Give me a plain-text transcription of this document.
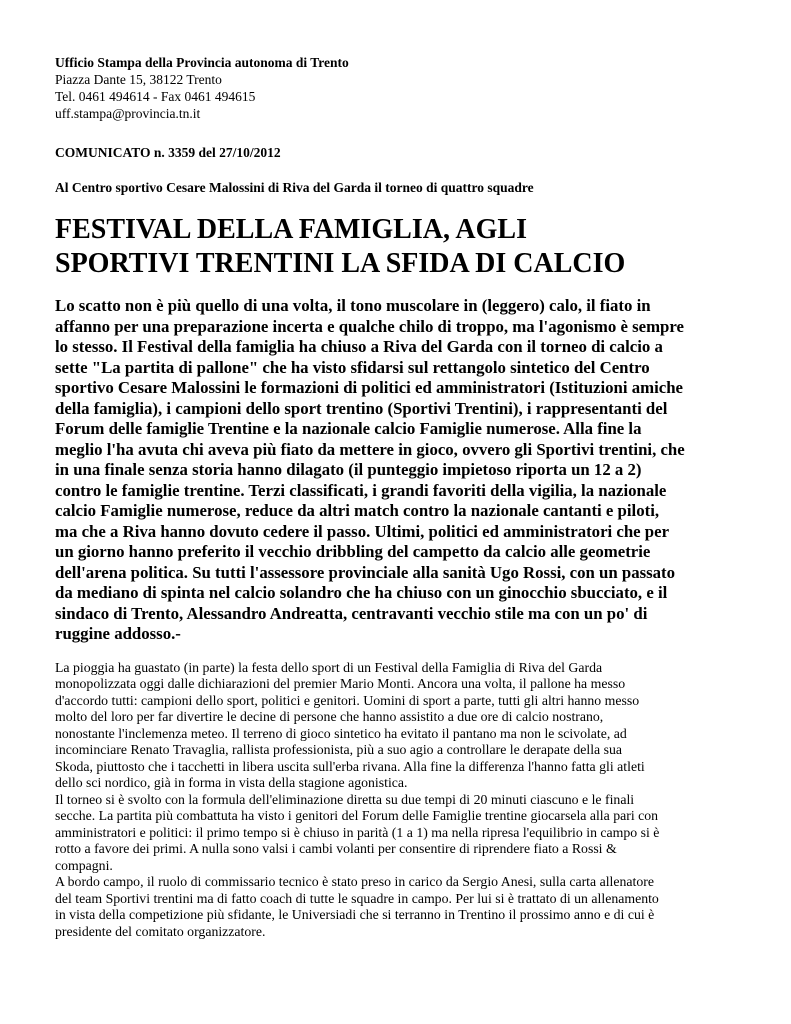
Ufficio Stampa della Provincia autonoma di Trento
Piazza Dante 15, 38122 Trento
Tel. 0461 494614 - Fax 0461 494615
uff.stampa@provincia.tn.it
COMUNICATO n. 3359 del 27/10/2012
Al Centro sportivo Cesare Malossini di Riva del Garda il torneo di quattro squadre
FESTIVAL DELLA FAMIGLIA, AGLI
SPORTIVI TRENTINI LA SFIDA DI CALCIO
Lo scatto non è più quello di una volta, il tono muscolare in (leggero) calo, il fiato in
affanno per una preparazione incerta e qualche chilo di troppo, ma l'agonismo è sempre
lo stesso. Il Festival della famiglia ha chiuso a Riva del Garda con il torneo di calcio a
sette "La partita di pallone" che ha visto sfidarsi sul rettangolo sintetico del Centro
sportivo Cesare Malossini le formazioni di politici ed amministratori (Istituzioni amiche
della famiglia), i campioni dello sport trentino (Sportivi Trentini), i rappresentanti del
Forum delle famiglie Trentine e la nazionale calcio Famiglie numerose. Alla fine la
meglio l'ha avuta chi aveva più fiato da mettere in gioco, ovvero gli Sportivi trentini, che
in una finale senza storia hanno dilagato (il punteggio impietoso riporta un 12 a 2)
contro le famiglie trentine. Terzi classificati, i grandi favoriti della vigilia, la nazionale
calcio Famiglie numerose, reduce da altri match contro la nazionale cantanti e piloti,
ma che a Riva hanno dovuto cedere il passo. Ultimi, politici ed amministratori che per
un giorno hanno preferito il vecchio dribbling del campetto da calcio alle geometrie
dell'arena politica. Su tutti l'assessore provinciale alla sanità Ugo Rossi, con un passato
da mediano di spinta nel calcio solandro che ha chiuso con un ginocchio sbucciato, e il
sindaco di Trento, Alessandro Andreatta, centravanti vecchio stile ma con un po' di
ruggine addosso.-
La pioggia ha guastato (in parte) la festa dello sport di un Festival della Famiglia di Riva del Garda
monopolizzata oggi dalle dichiarazioni del premier Mario Monti. Ancora una volta, il pallone ha messo
d'accordo tutti: campioni dello sport, politici e genitori. Uomini di sport a parte, tutti gli altri hanno messo
molto del loro per far divertire le decine di persone che hanno assistito a due ore di calcio nostrano,
nonostante l'inclemenza meteo. Il terreno di gioco sintetico ha evitato il pantano ma non le scivolate, ad
incominciare Renato Travaglia, rallista professionista, più a suo agio a controllare le derapate della sua
Skoda, piuttosto che i tacchetti in libera uscita sull'erba rivana. Alla fine la differenza l'hanno fatta gli atleti
dello sci nordico, già in forma in vista della stagione agonistica.
Il torneo si è svolto con la formula dell'eliminazione diretta su due tempi di 20 minuti ciascuno e le finali
secche. La partita più combattuta ha visto i genitori del Forum delle Famiglie trentine giocarsela alla pari con
amministratori e politici: il primo tempo si è chiuso in parità (1 a 1) ma nella ripresa l'equilibrio in campo si è
rotto a favore dei primi. A nulla sono valsi i cambi volanti per consentire di riprendere fiato a Rossi &
compagni.
A bordo campo, il ruolo di commissario tecnico è stato preso in carico da Sergio Anesi, sulla carta allenatore
del team Sportivi trentini ma di fatto coach di tutte le squadre in campo. Per lui si è trattato di un allenamento
in vista della competizione più sfidante, le Universiadi che si terranno in Trentino il prossimo anno e di cui è
presidente del comitato organizzatore.
